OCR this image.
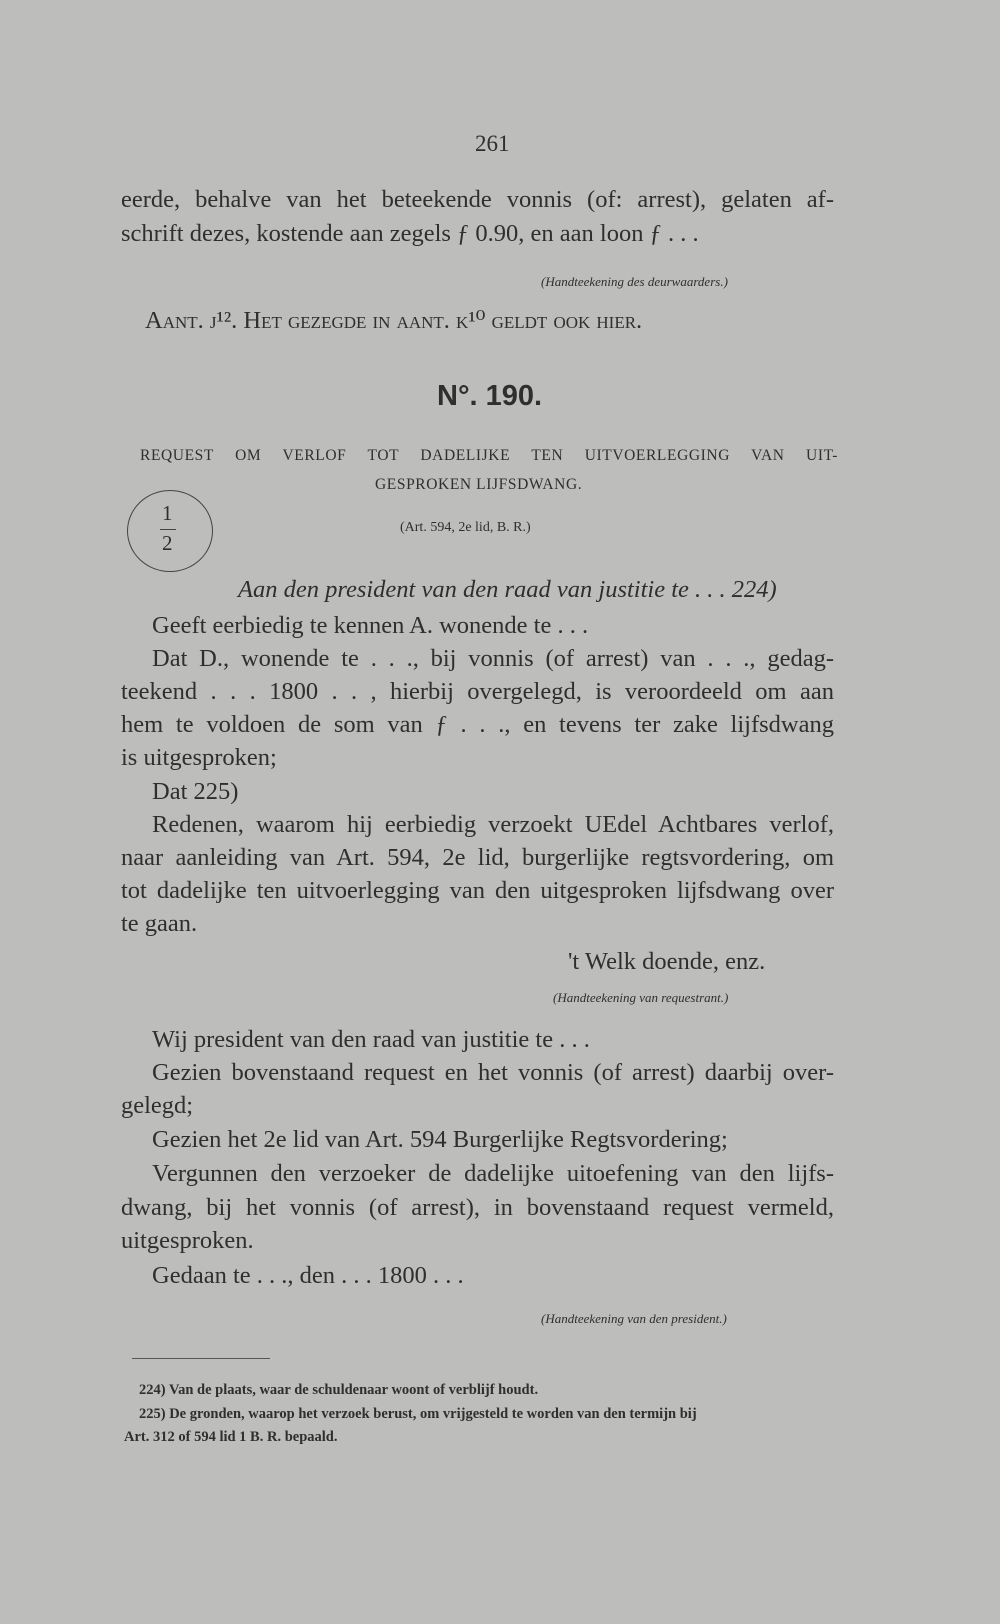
261
eerde, behalve van het beteekende vonnis (of: arrest), gelaten af-
schrift dezes, kostende aan zegels ƒ 0.90, en aan loon ƒ . . .
(Handteekening des deurwaarders.)
Aant. j¹². Het gezegde in aant. k¹⁰ geldt ook hier.
N°. 190.
REQUEST OM VERLOF TOT DADELIJKE TEN UITVOERLEGGING VAN UIT-
GESPROKEN LIJFSDWANG.
1
2
(Art. 594, 2e lid, B. R.)
Aan den president van den raad van justitie te . . . 224)
Geeft eerbiedig te kennen A. wonende te . . .
Dat D., wonende te . . ., bij vonnis (of arrest) van . . ., gedag-
teekend . . . 1800 . . , hierbij overgelegd, is veroordeeld om aan
hem te voldoen de som van ƒ . . ., en tevens ter zake lijfsdwang
is uitgesproken;
Dat 225)
Redenen, waarom hij eerbiedig verzoekt UEdel Achtbares verlof,
naar aanleiding van Art. 594, 2e lid, burgerlijke regtsvordering, om
tot dadelijke ten uitvoerlegging van den uitgesproken lijfsdwang over
te gaan.
't Welk doende, enz.
(Handteekening van requestrant.)
Wij president van den raad van justitie te . . .
Gezien bovenstaand request en het vonnis (of arrest) daarbij over-
gelegd;
Gezien het 2e lid van Art. 594 Burgerlijke Regtsvordering;
Vergunnen den verzoeker de dadelijke uitoefening van den lijfs-
dwang, bij het vonnis (of arrest), in bovenstaand request vermeld,
uitgesproken.
Gedaan te . . ., den . . . 1800 . . .
(Handteekening van den president.)
224) Van de plaats, waar de schuldenaar woont of verblijf houdt.
225) De gronden, waarop het verzoek berust, om vrijgesteld te worden van den termijn bij
Art. 312 of 594 lid 1 B. R. bepaald.
